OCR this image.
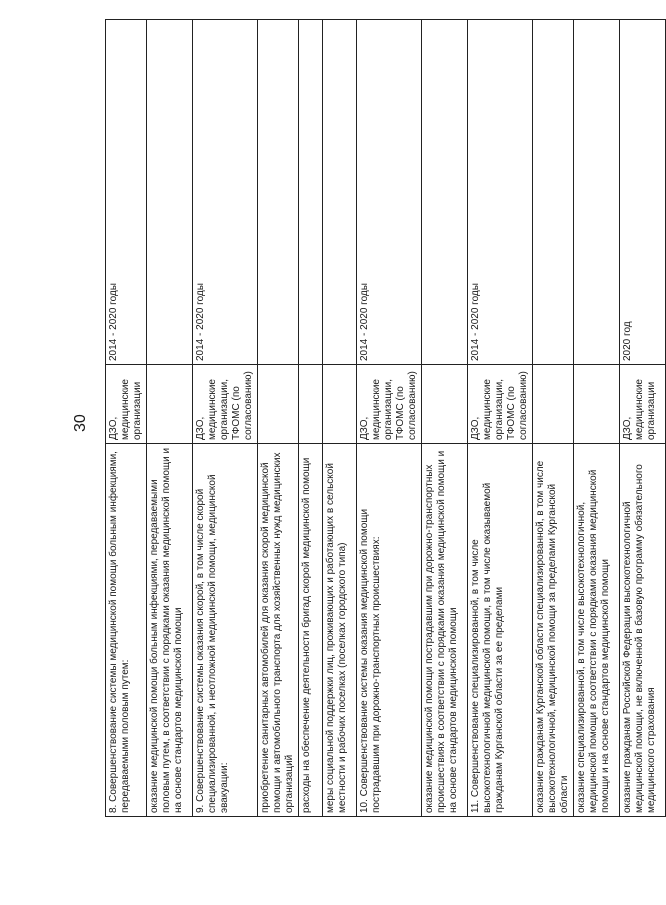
30
8. Совершенствование системы медицинской помощи больным инфекциями, передаваемыми половым путем:	ДЗО, медицинские организации	2014 - 2020 годы
оказание медицинской помощи больным инфекциями, передаваемыми половым путем, в соответствии с порядками оказания медицинской помощи и на основе стандартов медицинской помощи		
9. Совершенствование системы оказания скорой, в том числе скорой специализированной, и неотложной медицинской помощи, медицинской эвакуации:	ДЗО, медицинские организации, ТФОМС (по согласованию)	2014 - 2020 годы
приобретение санитарных автомобилей для оказания скорой медицинской помощи и автомобильного транспорта для хозяйственных нужд медицинских организаций		
расходы на обеспечение деятельности бригад скорой медицинской помощи		
меры социальной поддержки лиц, проживающих и работающих в сельской местности и рабочих поселках (поселках городского типа)		
10. Совершенствование системы оказания медицинской помощи пострадавшим при дорожно-транспортных происшествиях:	ДЗО, медицинские организации, ТФОМС (по согласованию)	2014 - 2020 годы
оказание медицинской помощи пострадавшим при дорожно-транспортных происшествиях в соответствии с порядками оказания медицинской помощи и на основе стандартов медицинской помощи		
11. Совершенствование специализированной, в том числе высокотехнологичной медицинской помощи, в том числе оказываемой гражданам Курганской области за ее пределами	ДЗО, медицинские организации, ТФОМС (по согласованию)	2014 - 2020 годы
оказание гражданам Курганской области специализированной, в том числе высокотехнологичной, медицинской помощи за пределами Курганской области		
оказание специализированной, в том числе высокотехнологичной, медицинской помощи в соответствии с порядками оказания медицинской помощи и на основе стандартов медицинской помощи		
оказание гражданам Российской Федерации высокотехнологичной медицинской помощи, не включенной в базовую программу обязательного медицинского страхования	ДЗО, медицинские организации	2020 год
